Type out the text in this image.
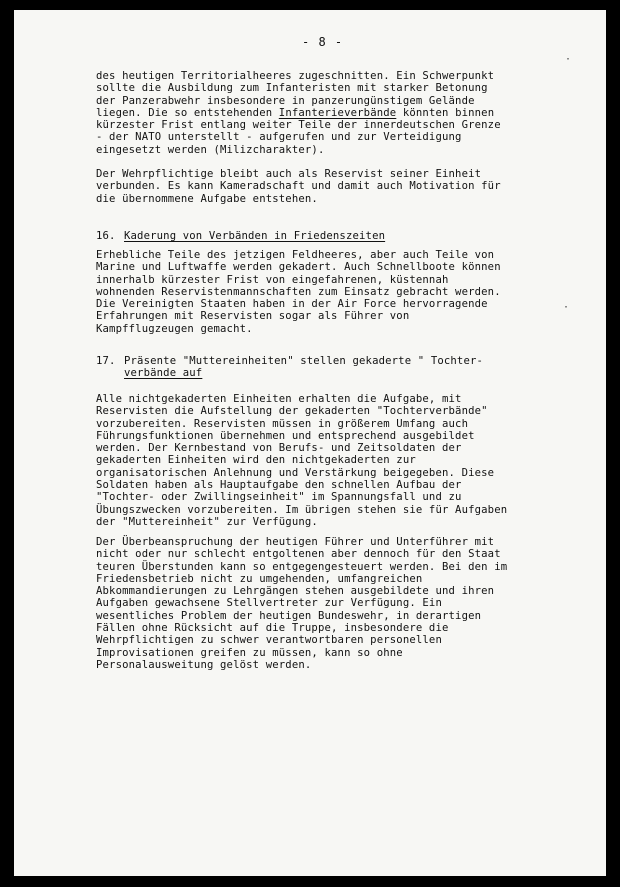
- 8 -
des heutigen Territorialheeres zugeschnitten. Ein Schwerpunkt
sollte die Ausbildung zum Infanteristen mit starker Betonung
der Panzerabwehr insbesondere in panzerungünstigem Gelände
liegen. Die so entstehenden Infanterieverbände könnten binnen
kürzester Frist entlang weiter Teile der innerdeutschen Grenze
- der NATO unterstellt - aufgerufen und zur Verteidigung
eingesetzt werden (Milizcharakter).
Der Wehrpflichtige bleibt auch als Reservist seiner Einheit
verbunden. Es kann Kameradschaft und damit auch Motivation für
die übernommene Aufgabe entstehen.
16. Kaderung von Verbänden in Friedenszeiten
Erhebliche Teile des jetzigen Feldheeres, aber auch Teile von
Marine und Luftwaffe werden gekadert. Auch Schnellboote können
innerhalb kürzester Frist von eingefahrenen, küstennah
wohnenden Reservistenmannschaften zum Einsatz gebracht werden.
Die Vereinigten Staaten haben in der Air Force hervorragende
Erfahrungen mit Reservisten sogar als Führer von
Kampfflugzeugen gemacht.
17. Präsente "Muttereinheiten" stellen gekaderte " Tochter-
verbände auf
Alle nichtgekaderten Einheiten erhalten die Aufgabe, mit
Reservisten die Aufstellung der gekaderten "Tochterverbände"
vorzubereiten. Reservisten müssen in größerem Umfang auch
Führungsfunktionen übernehmen und entsprechend ausgebildet
werden. Der Kernbestand von Berufs- und Zeitsoldaten der
gekaderten Einheiten wird den nichtgekaderten zur
organisatorischen Anlehnung und Verstärkung beigegeben. Diese
Soldaten haben als Hauptaufgabe den schnellen Aufbau der
"Tochter- oder Zwillingseinheit" im Spannungsfall und zu
Übungszwecken vorzubereiten. Im übrigen stehen sie für Aufgaben
der "Muttereinheit" zur Verfügung.
Der Überbeanspruchung der heutigen Führer und Unterführer mit
nicht oder nur schlecht entgoltenen aber dennoch für den Staat
teuren Überstunden kann so entgegengesteuert werden. Bei den im
Friedensbetrieb nicht zu umgehenden, umfangreichen
Abkommandierungen zu Lehrgängen stehen ausgebildete und ihren
Aufgaben gewachsene Stellvertreter zur Verfügung. Ein
wesentliches Problem der heutigen Bundeswehr, in derartigen
Fällen ohne Rücksicht auf die Truppe, insbesondere die
Wehrpflichtigen zu schwer verantwortbaren personellen
Improvisationen greifen zu müssen, kann so ohne
Personalausweitung gelöst werden.
·
·
